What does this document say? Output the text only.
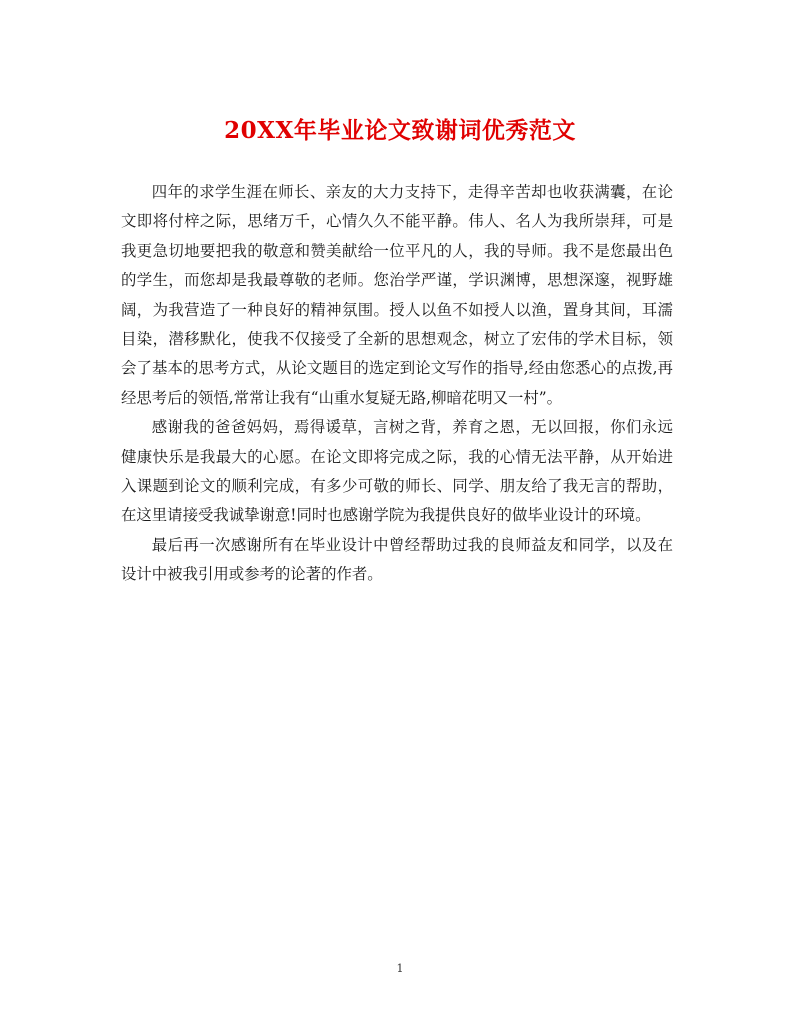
20XX年毕业论文致谢词优秀范文

四年的求学生涯在师长、亲友的大力支持下，走得辛苦却也收获满囊，在论文即将付梓之际，思绪万千，心情久久不能平静。伟人、名人为我所崇拜，可是我更急切地要把我的敬意和赞美献给一位平凡的人，我的导师。我不是您最出色的学生，而您却是我最尊敬的老师。您治学严谨，学识渊博，思想深邃，视野雄阔，为我营造了一种良好的精神氛围。授人以鱼不如授人以渔，置身其间，耳濡目染，潜移默化，使我不仅接受了全新的思想观念，树立了宏伟的学术目标，领会了基本的思考方式，从论文题目的选定到论文写作的指导,经由您悉心的点拨,再经思考后的领悟,常常让我有“山重水复疑无路,柳暗花明又一村”。

感谢我的爸爸妈妈，焉得谖草，言树之背，养育之恩，无以回报，你们永远健康快乐是我最大的心愿。在论文即将完成之际，我的心情无法平静，从开始进入课题到论文的顺利完成，有多少可敬的师长、同学、朋友给了我无言的帮助，在这里请接受我诚挚谢意!同时也感谢学院为我提供良好的做毕业设计的环境。

最后再一次感谢所有在毕业设计中曾经帮助过我的良师益友和同学，以及在设计中被我引用或参考的论著的作者。

1
